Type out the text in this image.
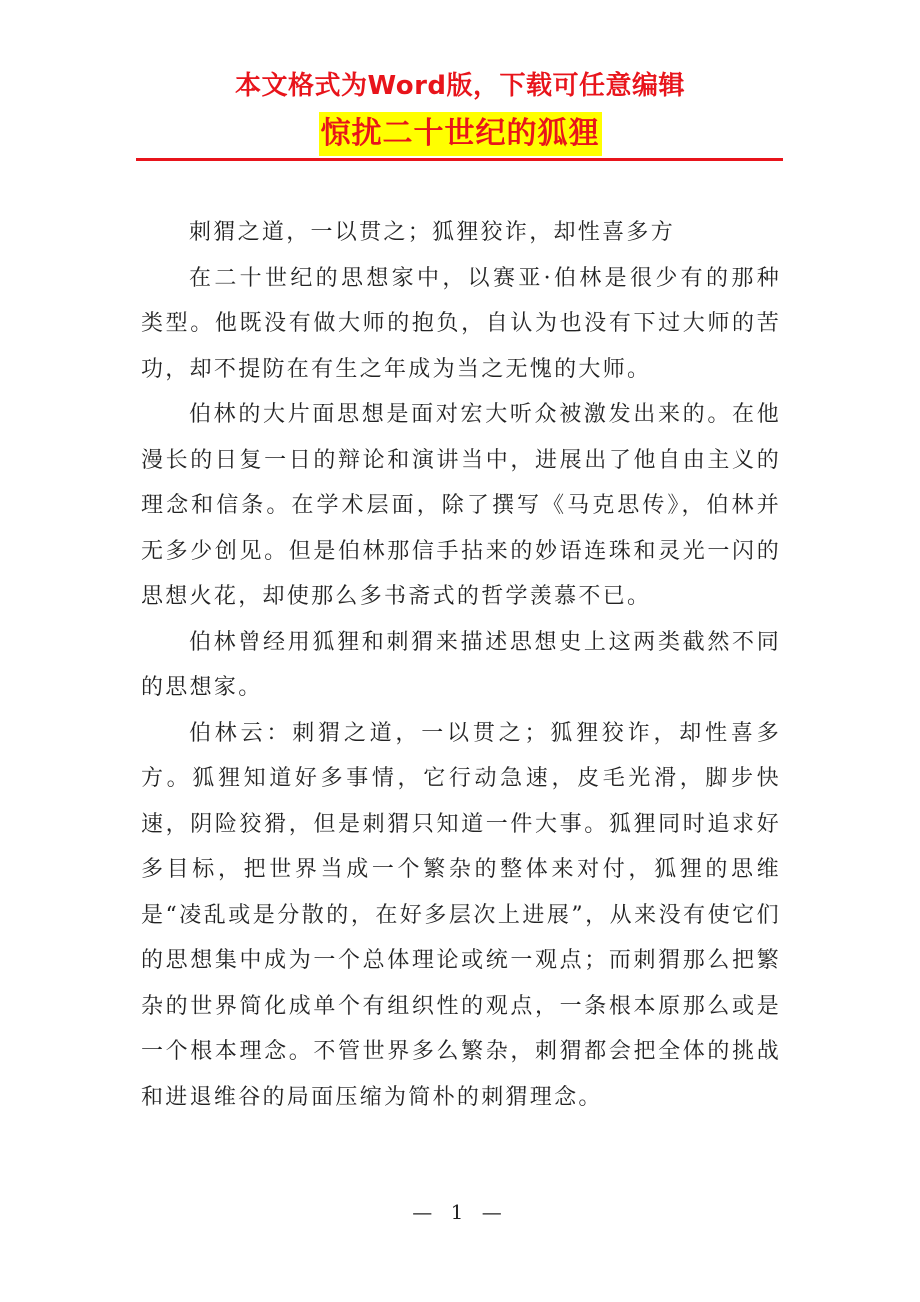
本文格式为Word版，下载可任意编辑
惊扰二十世纪的狐狸

刺猬之道，一以贯之；狐狸狡诈，却性喜多方

在二十世纪的思想家中，以赛亚·伯林是很少有的那种类型。他既没有做大师的抱负，自认为也没有下过大师的苦功，却不提防在有生之年成为当之无愧的大师。

伯林的大片面思想是面对宏大听众被激发出来的。在他漫长的日复一日的辩论和演讲当中，进展出了他自由主义的理念和信条。在学术层面，除了撰写《马克思传》，伯林并无多少创见。但是伯林那信手拈来的妙语连珠和灵光一闪的思想火花，却使那么多书斋式的哲学羡慕不已。

伯林曾经用狐狸和刺猬来描述思想史上这两类截然不同的思想家。

伯林云：刺猬之道，一以贯之；狐狸狡诈，却性喜多方。狐狸知道好多事情，它行动急速，皮毛光滑，脚步快速，阴险狡猾，但是刺猬只知道一件大事。狐狸同时追求好多目标，把世界当成一个繁杂的整体来对付，狐狸的思维是“凌乱或是分散的，在好多层次上进展”，从来没有使它们的思想集中成为一个总体理论或统一观点；而刺猬那么把繁杂的世界简化成单个有组织性的观点，一条根本原那么或是一个根本理念。不管世界多么繁杂，刺猬都会把全体的挑战和进退维谷的局面压缩为简朴的刺猬理念。

— 1 —
